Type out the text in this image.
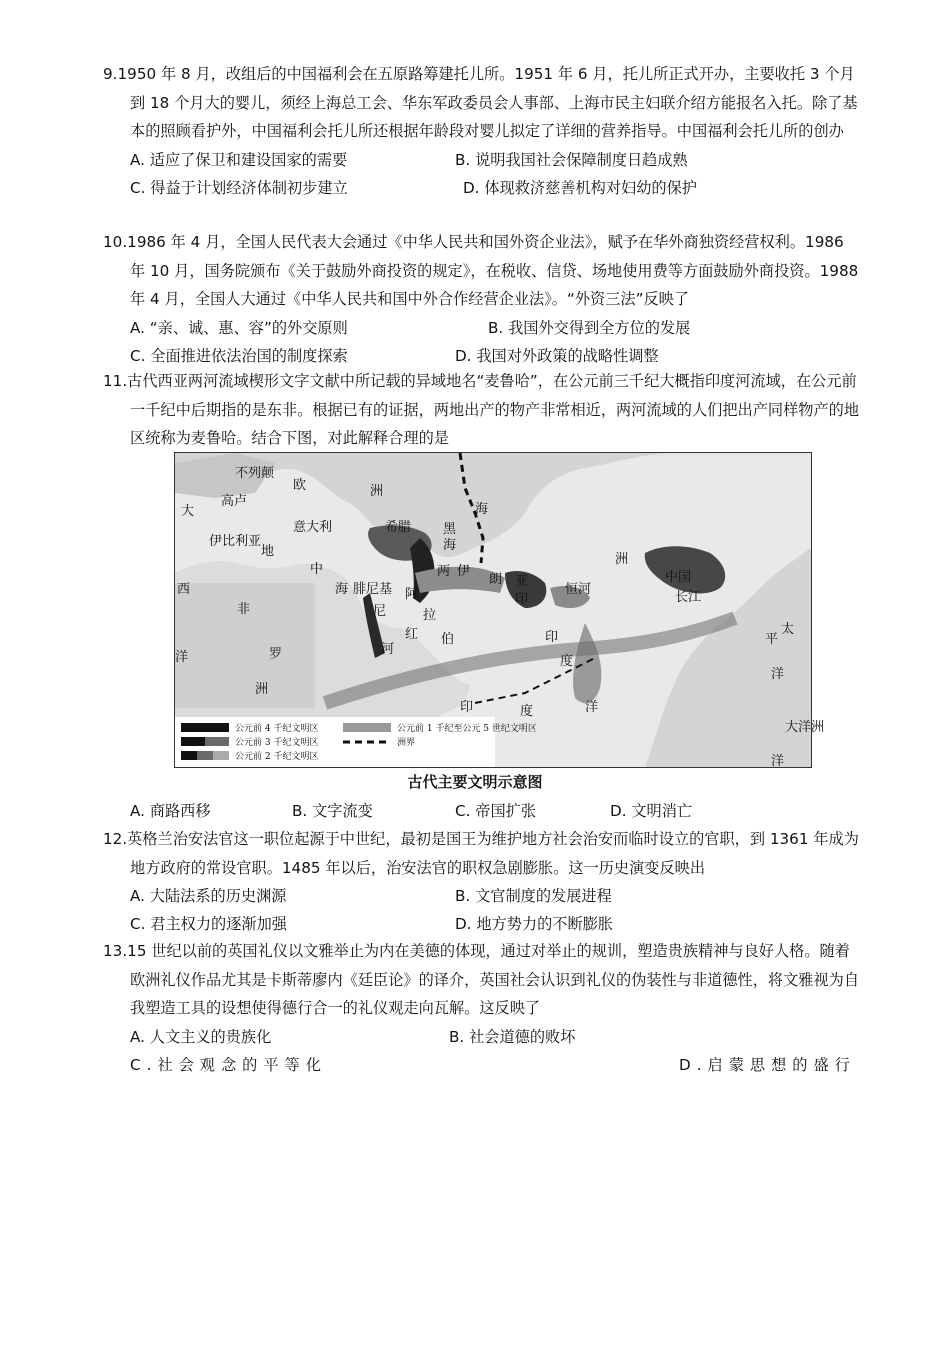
9.1950 年 8 月，改组后的中国福利会在五原路筹建托儿所。1951 年 6 月，托儿所正式开办，主要收托 3 个月到 18 个月大的婴儿，须经上海总工会、华东军政委员会人事部、上海市民主妇联介绍方能报名入托。除了基本的照顾看护外，中国福利会托儿所还根据年龄段对婴儿拟定了详细的营养指导。中国福利会托儿所的创办
A. 适应了保卫和建设国家的需要	B. 说明我国社会保障制度日趋成熟
C. 得益于计划经济体制初步建立	D. 体现救济慈善机构对妇幼的保护
10.1986 年 4 月，全国人民代表大会通过《中华人民共和国外资企业法》，赋予在华外商独资经营权利。1986 年 10 月，国务院颁布《关于鼓励外商投资的规定》，在税收、信贷、场地使用费等方面鼓励外商投资。1988 年 4 月，全国人大通过《中华人民共和国中外合作经营企业法》。“外资三法”反映了
A. “亲、诚、惠、容”的外交原则	B. 我国外交得到全方位的发展
C. 全面推进依法治国的制度探索	D. 我国对外政策的战略性调整
11.古代西亚两河流域楔形文字文献中所记载的异域地名“麦鲁哈”，在公元前三千纪大概指印度河流域，在公元前一千纪中后期指的是东非。根据已有的证据，两地出产的物产非常相近，两河流域的人们把出产同样物产的地区统称为麦鲁哈。结合下图，对此解释合理的是
大
不列颠
欧
高卢
洲
伊比利亚
意大利	希腊 黑
海
地
中
海 腓尼基
两 伊
朗 亚
印
恒河
洲
中国
长江
太
平
洋
西
非	尼
罗	河
阿
拉
伯
红
洋
洲
印
度
洋
印	度
大洋洲
洋
海
公元前 4 千纪文明区
公元前 3 千纪文明区
公元前 2 千纪文明区
公元前 1 千纪至公元 5 世纪文明区
洲界
古代主要文明示意图
A. 商路西移	B. 文字流变	C. 帝国扩张	D. 文明消亡
12.英格兰治安法官这一职位起源于中世纪，最初是国王为维护地方社会治安而临时设立的官职，到 1361 年成为地方政府的常设官职。1485 年以后，治安法官的职权急剧膨胀。这一历史演变反映出
A. 大陆法系的历史渊源	B. 文官制度的发展进程
C. 君主权力的逐渐加强	D. 地方势力的不断膨胀
13.15 世纪以前的英国礼仪以文雅举止为内在美德的体现，通过对举止的规训，塑造贵族精神与良好人格。随着欧洲礼仪作品尤其是卡斯蒂廖内《廷臣论》的译介，英国社会认识到礼仪的伪装性与非道德性，将文雅视为自我塑造工具的设想使得德行合一的礼仪观走向瓦解。这反映了
A. 人文主义的贵族化	B. 社会道德的败坏
C.社会观念的平等化	D.启蒙思想的盛行
